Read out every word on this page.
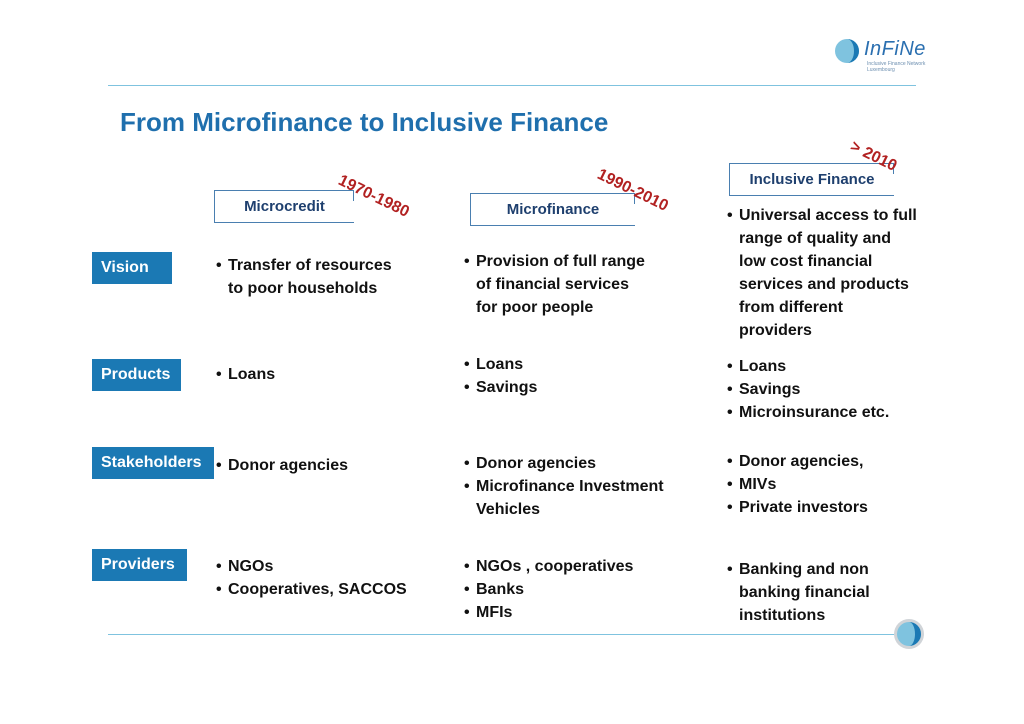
InFiNe
Inclusive Finance Network
Luxembourg
From Microfinance to Inclusive Finance
Microcredit 1970-1980	Microfinance
1990-2010	Inclusive Finance
> 2010
Vision
Products
Stakeholders
Providers
• Transfer of resources
to poor households
• Provision of full range
of financial services
for poor people
• Universal access to full
range of quality and
low cost financial
services and products
from different
providers
• Loans
• Loans
• Savings
• Loans
• Savings
• Microinsurance etc.
• Donor agencies
•	Donor agencies
• Microfinance Investment
Vehicles
• Donor agencies,
• MIVs
• Private investors
• NGOs
• Cooperatives, SACCOS
• NGOs , cooperatives
• Banks
• MFIs
• Banking and non
banking financial
institutions
